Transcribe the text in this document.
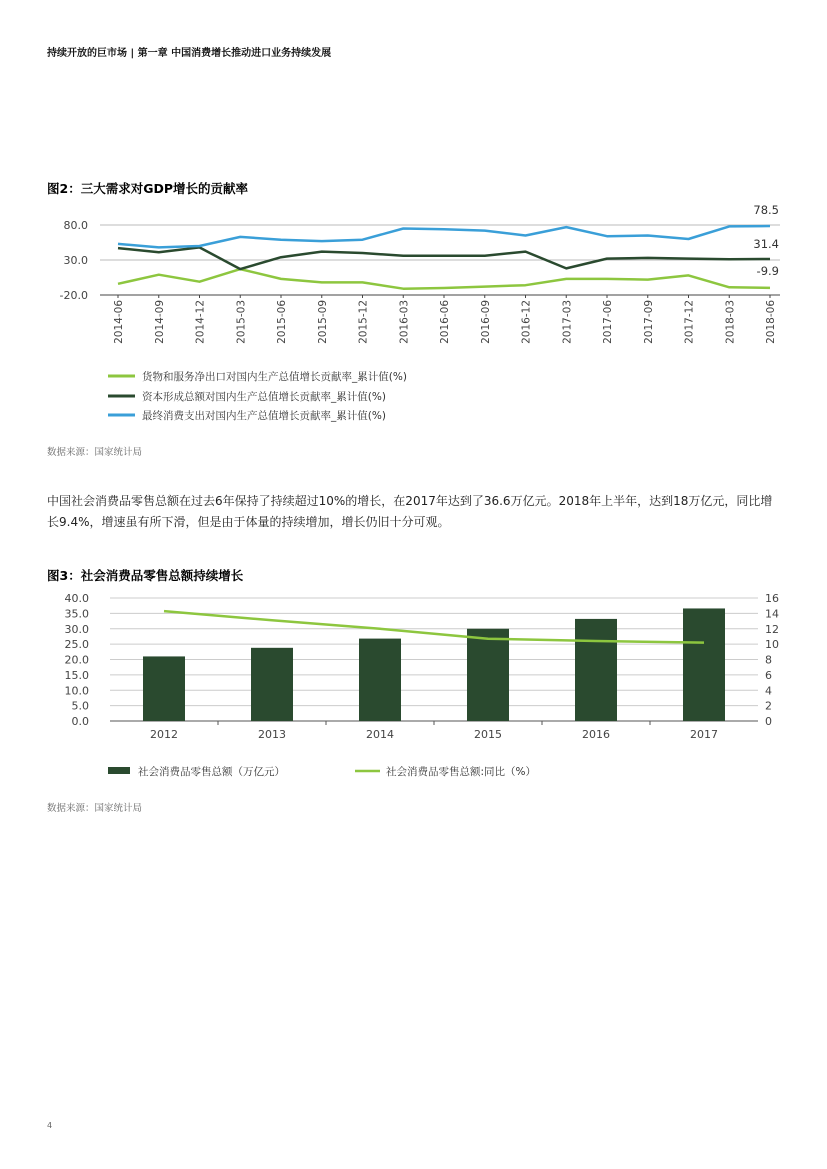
持续开放的巨市场 | 第一章 中国消费增长推动进口业务持续发展
图2：三大需求对GDP增长的贡献率
80.0
30.0
-20.0
2014-06	2014-09	2014-12	2015-03	2015-06	2015-09	2015-12	2016-03	2016-06	2016-09	2016-12	2017-03	2017-06	2017-09	2017-12	2018-03	2018-06
78.5
31.4
-9.9
货物和服务净出口对国内生产总值增长贡献率_累计值(%)
资本形成总额对国内生产总值增长贡献率_累计值(%)
最终消费支出对国内生产总值增长贡献率_累计值(%)
数据来源：国家统计局
中国社会消费品零售总额在过去6年保持了持续超过10%的增长，在2017年达到了36.6万亿元。2018年上半年，达到18万亿元，同比增长9.4%，增速虽有所下滑，但是由于体量的持续增加，增长仍旧十分可观。
图3：社会消费品零售总额持续增长
40.0	16
35.0	14
30.0	12
25.0	10
20.0	8
15.0	6
10.0	4
5.0	2
0.0	0
2012	2013	2014	2015	2016	2017
社会消费品零售总额（万亿元）	社会消费品零售总额:同比（%）
数据来源：国家统计局
4
